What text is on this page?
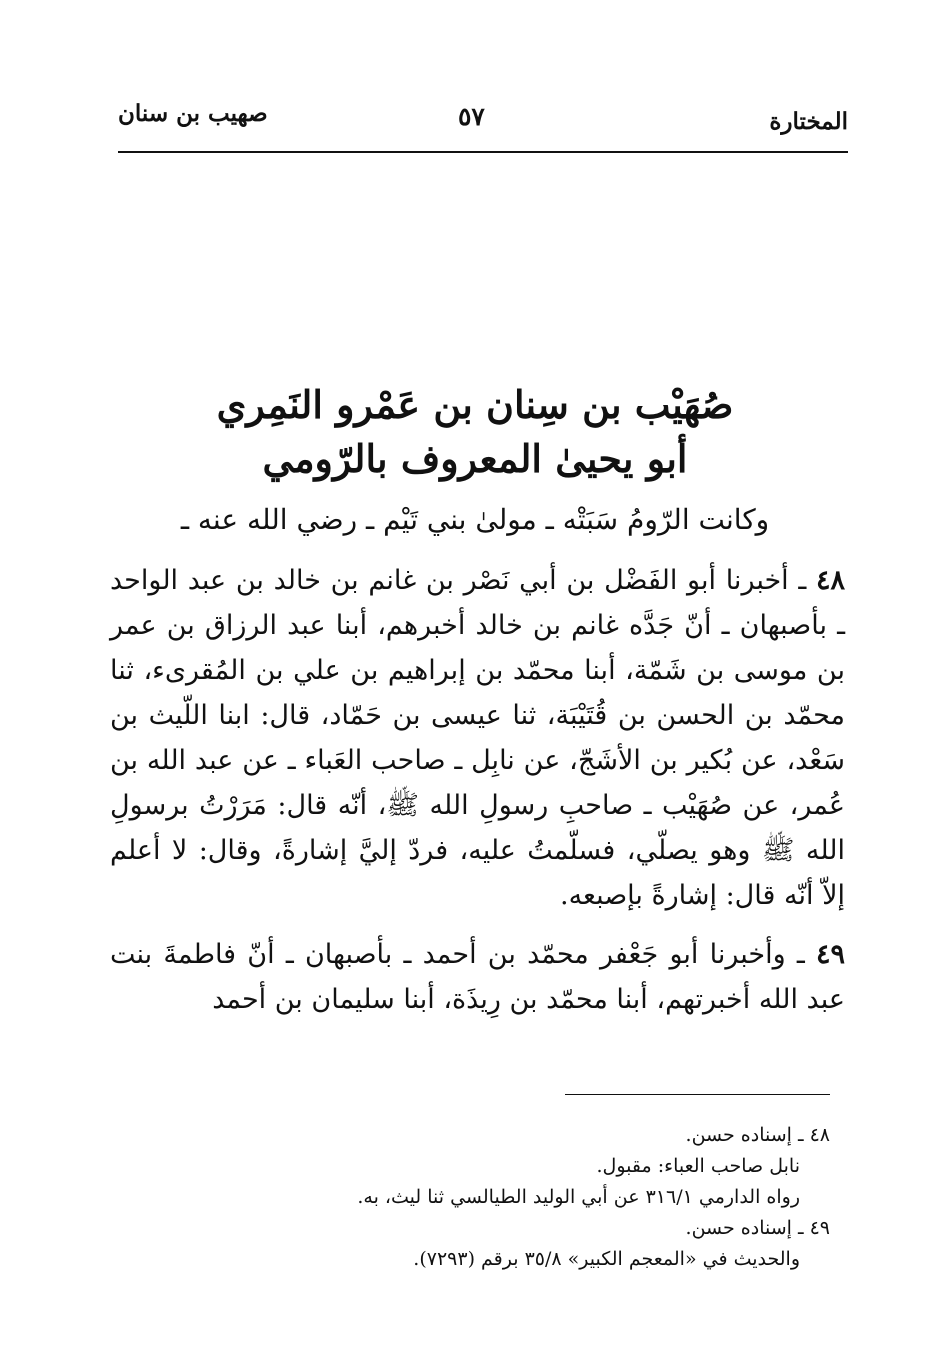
المختارة
٥٧
صهيب بن سنان
صُهَيْب بن سِنان بن عَمْرو النَمِري
أبو يحيىٰ المعروف بالرّومي
وكانت الرّومُ سَبَتْه ـ مولىٰ بني تَيْم ـ رضي الله عنه ـ

٤٨ ـ أخبرنا أبو الفَضْل بن أبي نَصْر بن غانم بن خالد بن عبد الواحد ـ بأصبهان ـ أنّ جَدَّه غانم بن خالد أخبرهم، أبنا عبد الرزاق بن عمر بن موسى بن شَمّة، أبنا محمّد بن إبراهيم بن علي بن المُقرىء، ثنا محمّد بن الحسن بن قُتَيْبَة، ثنا عيسى بن حَمّاد، قال: ابنا اللّيث بن سَعْد، عن بُكير بن الأشَجّ، عن نابِل ـ صاحب العَباء ـ عن عبد الله بن عُمر، عن صُهَيْب ـ صاحبِ رسولِ الله ﷺ، أنّه قال: مَرَرْتُ برسولِ الله ﷺ وهو يصلّي، فسلّمتُ عليه، فردّ إليَّ إشارةً، وقال: لا أعلم إلاّ أنّه قال: إشارةً بإصبعه.

٤٩ ـ وأخبرنا أبو جَعْفر محمّد بن أحمد ـ بأصبهان ـ أنّ فاطمةَ بنت عبد الله أخبرتهم، أبنا محمّد بن رِيذَة، أبنا سليمان بن أحمد

٤٨ ـ إسناده حسن.
نابل صاحب العباء: مقبول.
رواه الدارمي ٣١٦/١ عن أبي الوليد الطيالسي ثنا ليث، به.
٤٩ ـ إسناده حسن.
والحديث في «المعجم الكبير» ٣٥/٨ برقم (٧٢٩٣).
